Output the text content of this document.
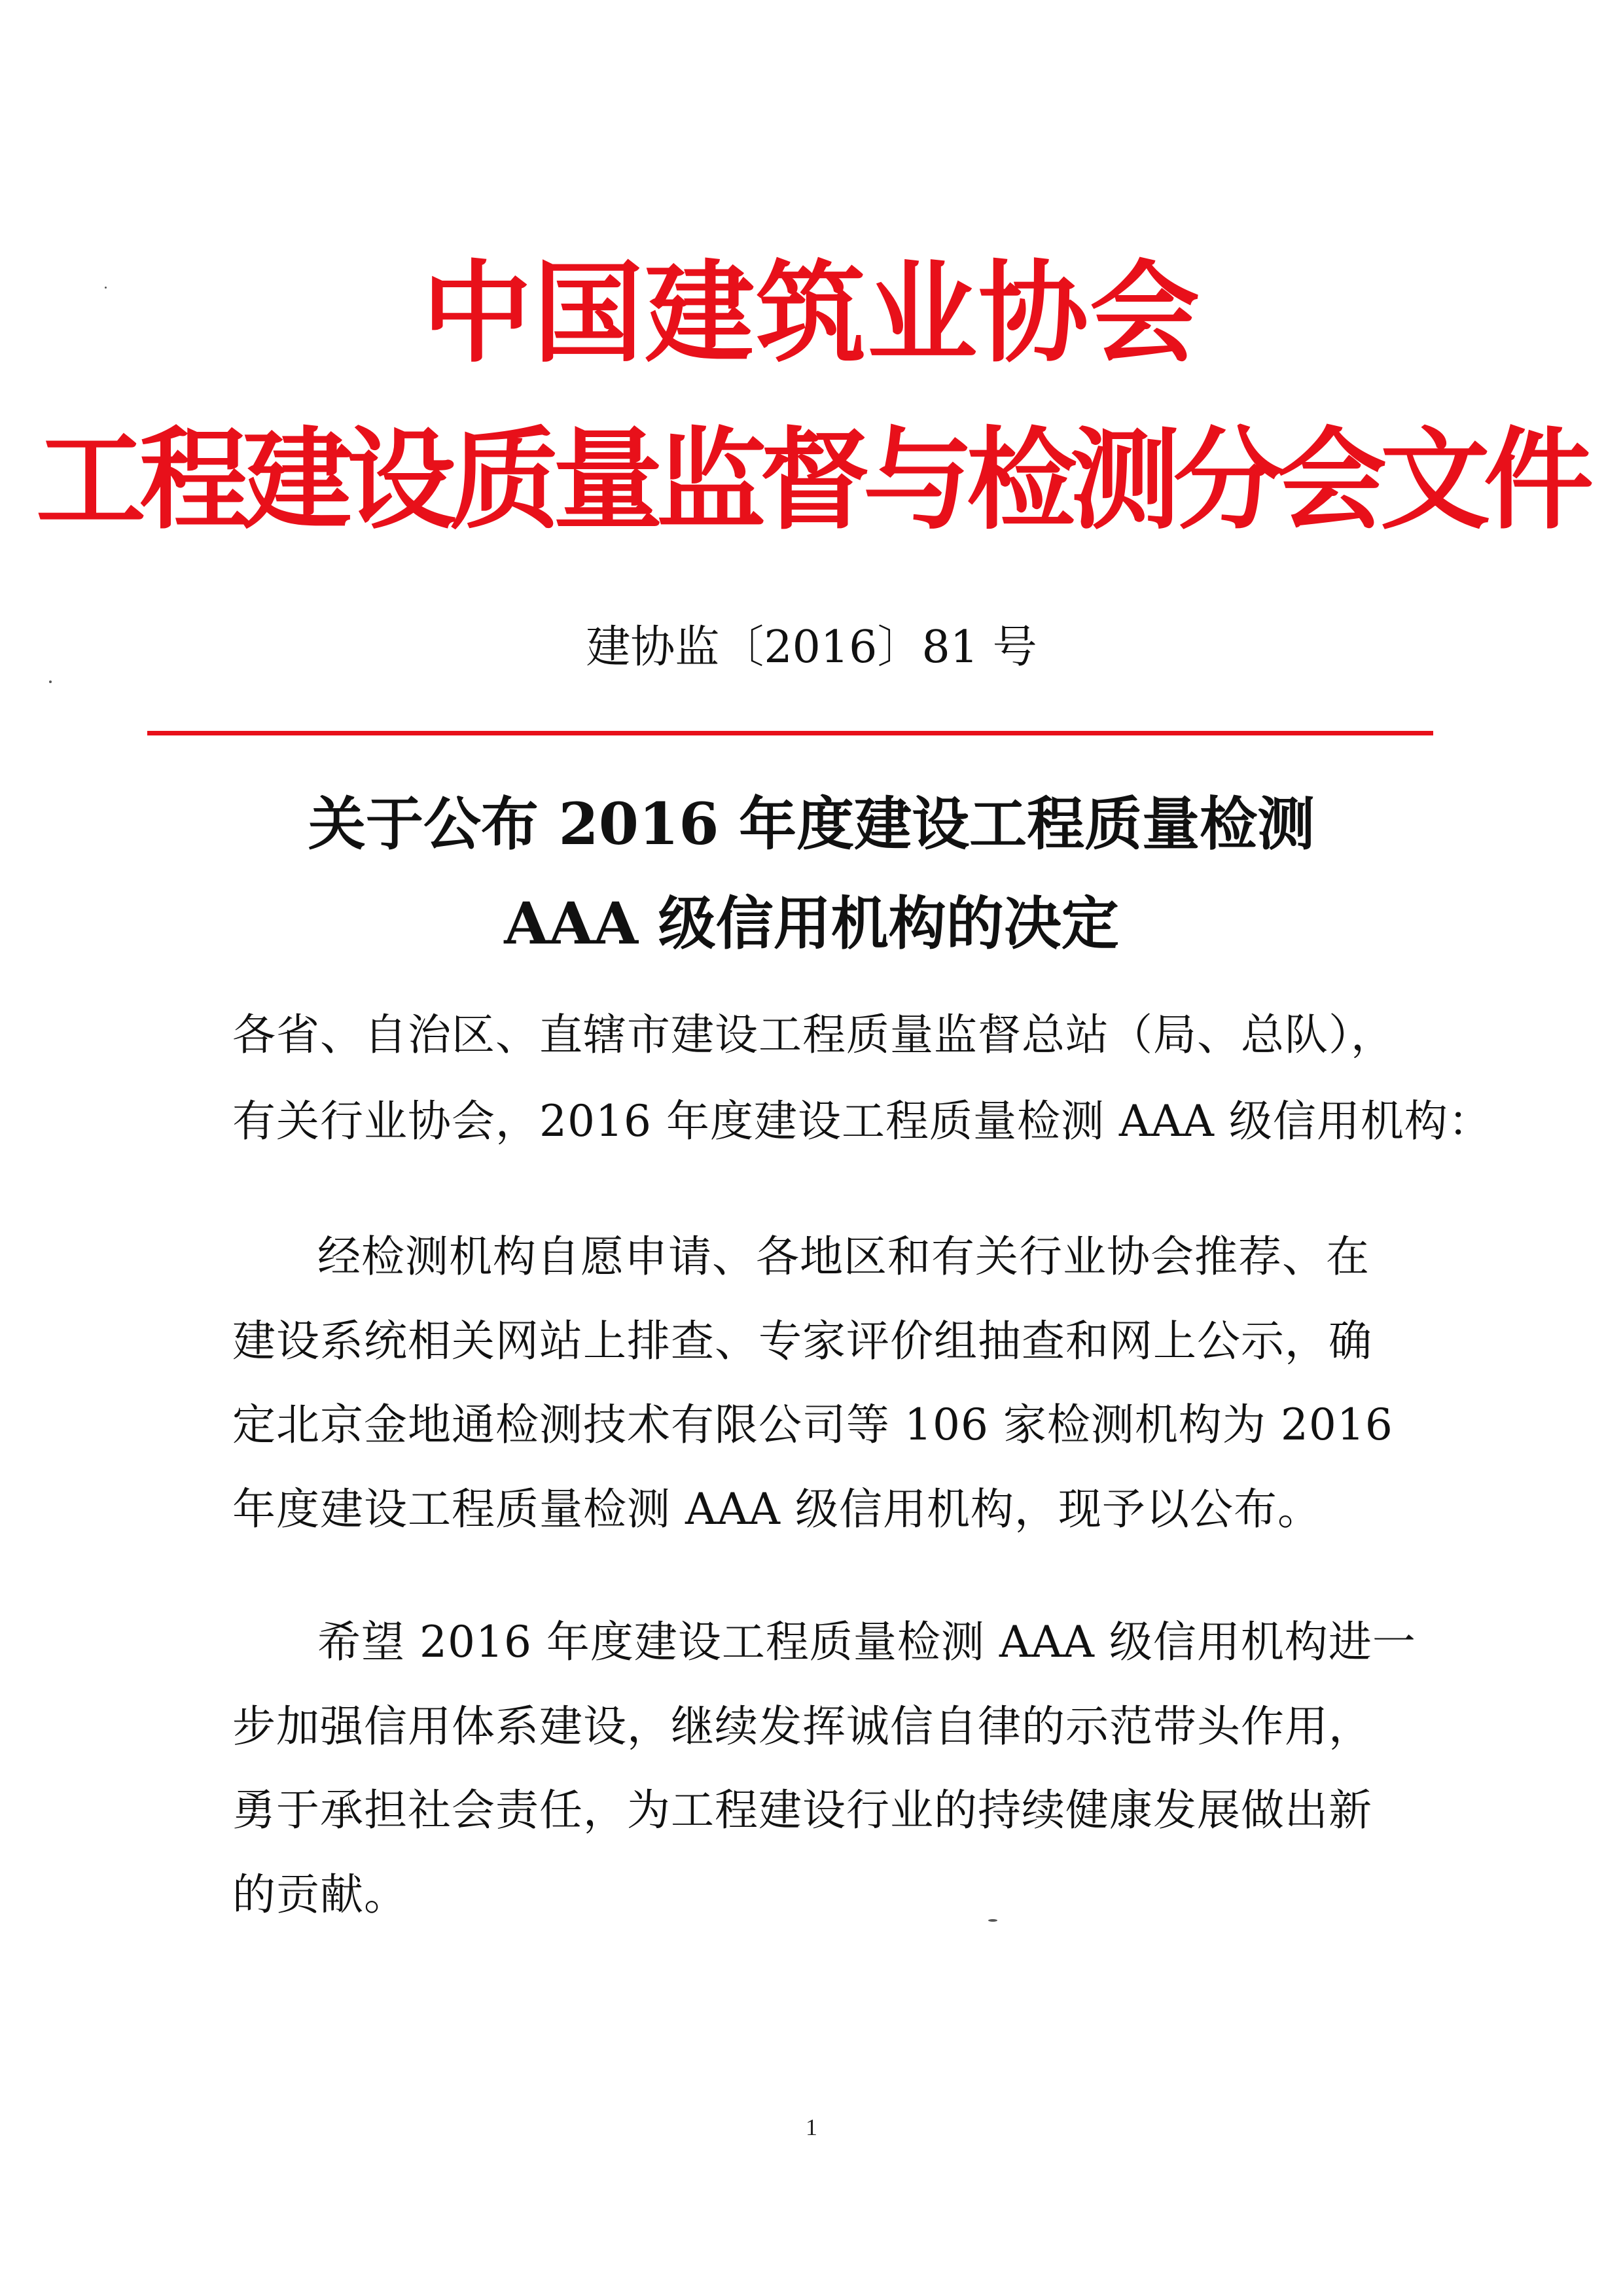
中国建筑业协会
工程建设质量监督与检测分会文件
建协监〔2016〕81 号
关于公布 2016 年度建设工程质量检测
AAA 级信用机构的决定
各省、自治区、直辖市建设工程质量监督总站（局、总队），
有关行业协会，2016 年度建设工程质量检测 AAA 级信用机构：
经检测机构自愿申请、各地区和有关行业协会推荐、在
建设系统相关网站上排查、专家评价组抽查和网上公示，确
定北京金地通检测技术有限公司等 106 家检测机构为 2016
年度建设工程质量检测 AAA 级信用机构，现予以公布。
希望 2016 年度建设工程质量检测 AAA 级信用机构进一
步加强信用体系建设，继续发挥诚信自律的示范带头作用，
勇于承担社会责任，为工程建设行业的持续健康发展做出新
的贡献。
1
